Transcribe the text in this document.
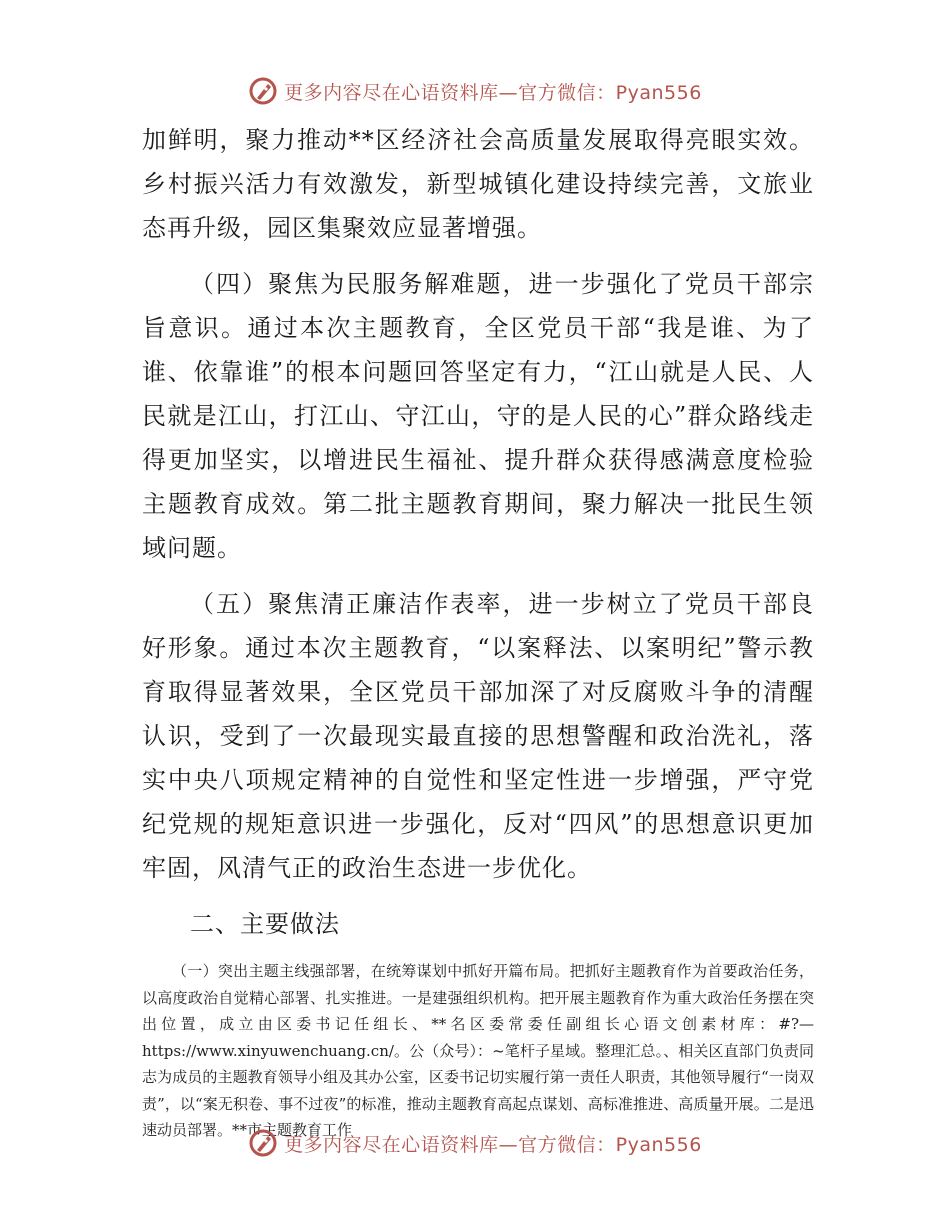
更多内容尽在心语资料库—官方微信：Pyan556

加鲜明，聚力推动**区经济社会高质量发展取得亮眼实效。乡村振兴活力有效激发，新型城镇化建设持续完善，文旅业态再升级，园区集聚效应显著增强。

（四）聚焦为民服务解难题，进一步强化了党员干部宗旨意识。通过本次主题教育，全区党员干部“我是谁、为了谁、依靠谁”的根本问题回答坚定有力，“江山就是人民、人民就是江山，打江山、守江山，守的是人民的心”群众路线走得更加坚实，以增进民生福祉、提升群众获得感满意度检验主题教育成效。第二批主题教育期间，聚力解决一批民生领域问题。

（五）聚焦清正廉洁作表率，进一步树立了党员干部良好形象。通过本次主题教育，“以案释法、以案明纪”警示教育取得显著效果，全区党员干部加深了对反腐败斗争的清醒认识，受到了一次最现实最直接的思想警醒和政治洗礼，落实中央八项规定精神的自觉性和坚定性进一步增强，严守党纪党规的规矩意识进一步强化，反对“四风”的思想意识更加牢固，风清气正的政治生态进一步优化。

二、主要做法

（一）突出主题主线强部署，在统筹谋划中抓好开篇布局。把抓好主题教育作为首要政治任务，以高度政治自觉精心部署、扎实推进。一是建强组织机构。把开展主题教育作为重大政治任务摆在突出位置，成立由区委书记任组长、**名区委常委任副组长心语文创素材库：#?—https://www.xinyuwenchuang.cn/。公（众号）：~笔杆子星域。整理汇总。、相关区直部门负责同志为成员的主题教育领导小组及其办公室，区委书记切实履行第一责任人职责，其他领导履行“一岗双责”，以“案无积卷、事不过夜”的标准，推动主题教育高起点谋划、高标准推进、高质量开展。二是迅速动员部署。**市主题教育工作

更多内容尽在心语资料库—官方微信：Pyan556
